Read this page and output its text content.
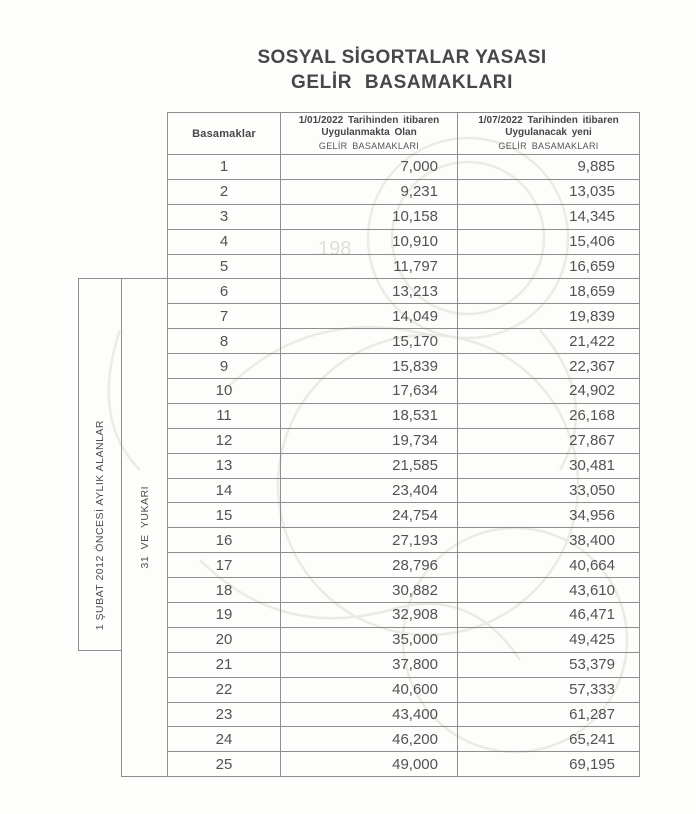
198
SOSYAL SİGORTALAR YASASI
GELİR BASAMAKLARI
1 ŞUBAT 2012 ÖNCESİ AYLIK ALANLAR	31 VE YUKARI
Basamaklar	
1/01/2022 Tarihinden itibaren
Uygulanmakta Olan
GELİR BASAMAKLARI

1/07/2022 Tarihinden itibaren
Uygulanacak yeni
GELİR BASAMAKLARI

1	7,000	9,885
2	9,231	13,035
3	10,158	14,345
4	10,910	15,406
5	11,797	16,659
6	13,213	18,659
7	14,049	19,839
8	15,170	21,422
9	15,839	22,367
10	17,634	24,902
11	18,531	26,168
12	19,734	27,867
13	21,585	30,481
14	23,404	33,050
15	24,754	34,956
16	27,193	38,400
17	28,796	40,664
18	30,882	43,610
19	32,908	46,471
20	35,000	49,425
21	37,800	53,379
22	40,600	57,333
23	43,400	61,287
24	46,200	65,241
25	49,000	69,195
